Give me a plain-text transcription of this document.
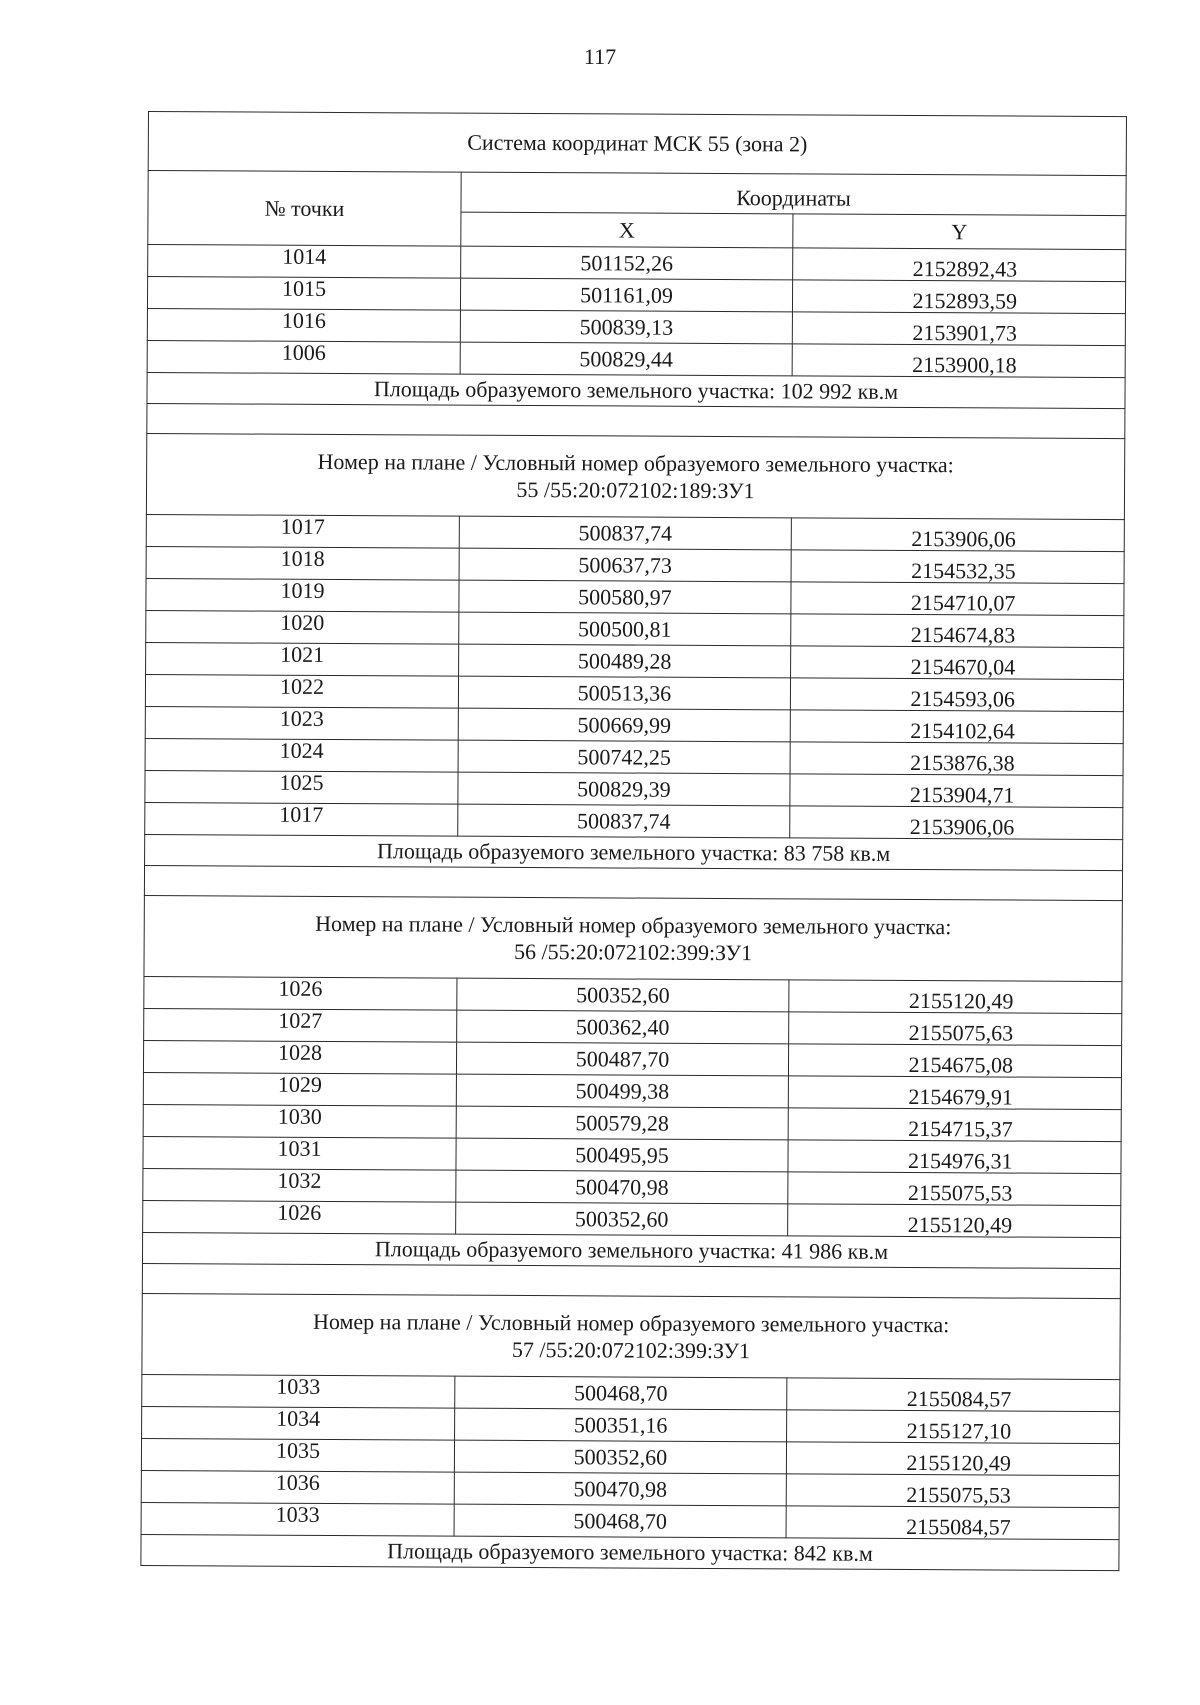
117
Система координат МСК 55 (зона 2)		
№ точки	Координаты	
	X	Y
1014	501152,26	2152892,43
1015	501161,09	2152893,59
1016	500839,13	2153901,73
1006	500829,44	2153900,18
Площадь образуемого земельного участка: 102 992 кв.м		

Номер на плане / Условный номер образуемого земельного участка:
55 /55:20:072102:189:ЗУ1		

1017	500837,74	2153906,06
1018	500637,73	2154532,35
1019	500580,97	2154710,07
1020	500500,81	2154674,83
1021	500489,28	2154670,04
1022	500513,36	2154593,06
1023	500669,99	2154102,64
1024	500742,25	2153876,38
1025	500829,39	2153904,71
1017	500837,74	2153906,06
Площадь образуемого земельного участка: 83 758 кв.м		

Номер на плане / Условный номер образуемого земельного участка:
56 /55:20:072102:399:ЗУ1		

1026	500352,60	2155120,49
1027	500362,40	2155075,63
1028	500487,70	2154675,08
1029	500499,38	2154679,91
1030	500579,28	2154715,37
1031	500495,95	2154976,31
1032	500470,98	2155075,53
1026	500352,60	2155120,49
Площадь образуемого земельного участка: 41 986 кв.м		

Номер на плане / Условный номер образуемого земельного участка:
57 /55:20:072102:399:ЗУ1		

1033	500468,70	2155084,57
1034	500351,16	2155127,10
1035	500352,60	2155120,49
1036	500470,98	2155075,53
1033	500468,70	2155084,57
Площадь образуемого земельного участка: 842 кв.м		
